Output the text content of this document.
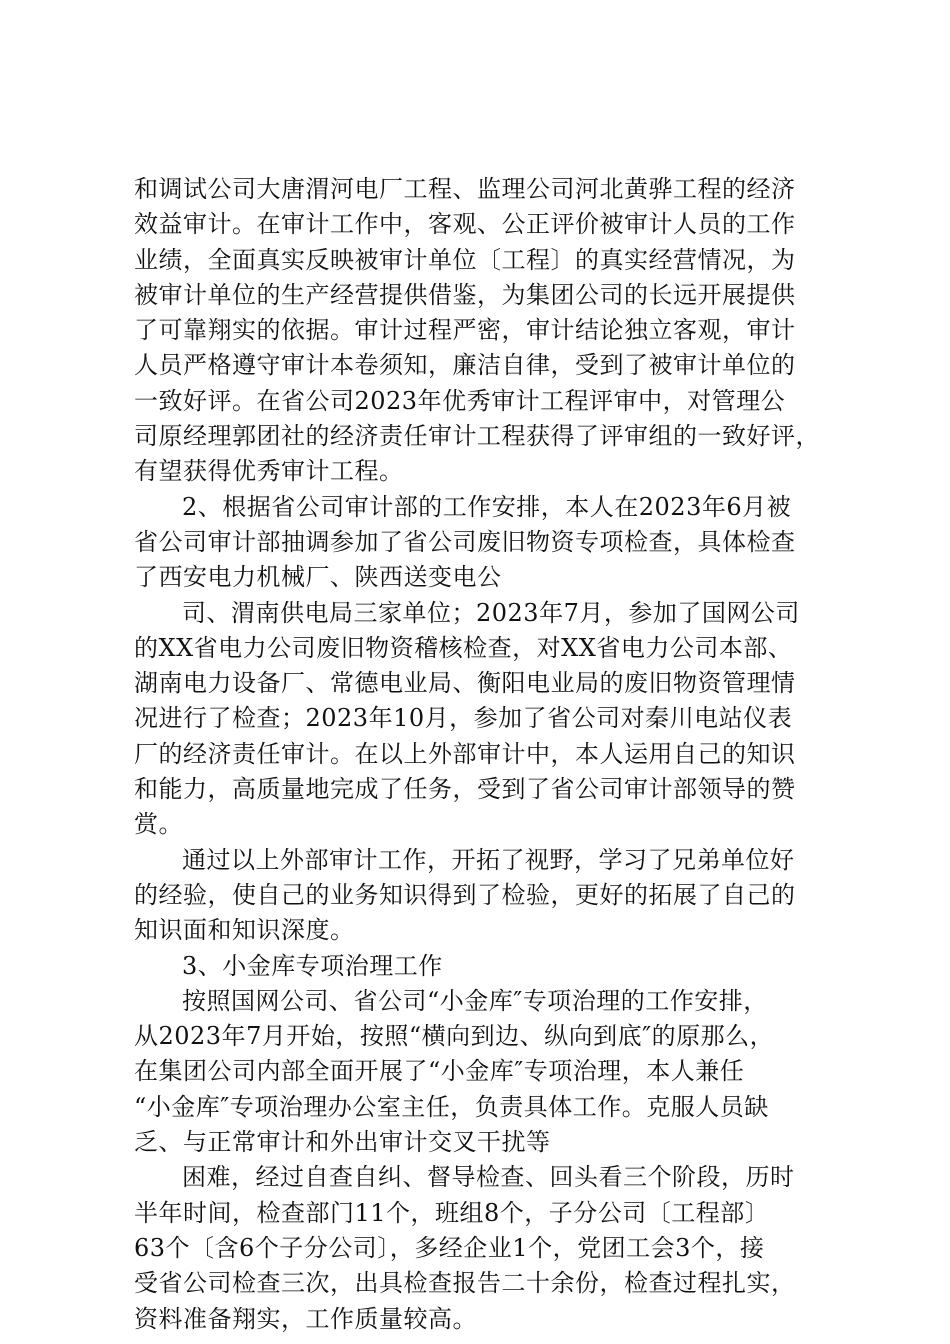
和调试公司大唐渭河电厂工程、监理公司河北黄骅工程的经济
效益审计。在审计工作中，客观、公正评价被审计人员的工作
业绩，全面真实反映被审计单位〔工程〕的真实经营情况，为
被审计单位的生产经营提供借鉴，为集团公司的长远开展提供
了可靠翔实的依据。审计过程严密，审计结论独立客观，审计
人员严格遵守审计本卷须知，廉洁自律，受到了被审计单位的
一致好评。在省公司2023年优秀审计工程评审中，对管理公
司原经理郭团社的经济责任审计工程获得了评审组的一致好评，
有望获得优秀审计工程。
2、根据省公司审计部的工作安排，本人在2023年6月被
省公司审计部抽调参加了省公司废旧物资专项检查，具体检查
了西安电力机械厂、陕西送变电公
司、渭南供电局三家单位；2023年7月，参加了国网公司
的XX省电力公司废旧物资稽核检查，对XX省电力公司本部、
湖南电力设备厂、常德电业局、衡阳电业局的废旧物资管理情
况进行了检查；2023年10月，参加了省公司对秦川电站仪表
厂的经济责任审计。在以上外部审计中，本人运用自己的知识
和能力，高质量地完成了任务，受到了省公司审计部领导的赞
赏。
通过以上外部审计工作，开拓了视野，学习了兄弟单位好
的经验，使自己的业务知识得到了检验，更好的拓展了自己的
知识面和知识深度。
3、小金库专项治理工作
按照国网公司、省公司“小金库″专项治理的工作安排，
从2023年7月开始，按照“横向到边、纵向到底″的原那么，
在集团公司内部全面开展了“小金库″专项治理，本人兼任
“小金库″专项治理办公室主任，负责具体工作。克服人员缺
乏、与正常审计和外出审计交叉干扰等
困难，经过自查自纠、督导检查、回头看三个阶段，历时
半年时间，检查部门11个，班组8个，子分公司〔工程部〕
63个〔含6个子分公司〕，多经企业1个，党团工会3个，接
受省公司检查三次，出具检查报告二十余份，检查过程扎实，
资料准备翔实，工作质量较高。
